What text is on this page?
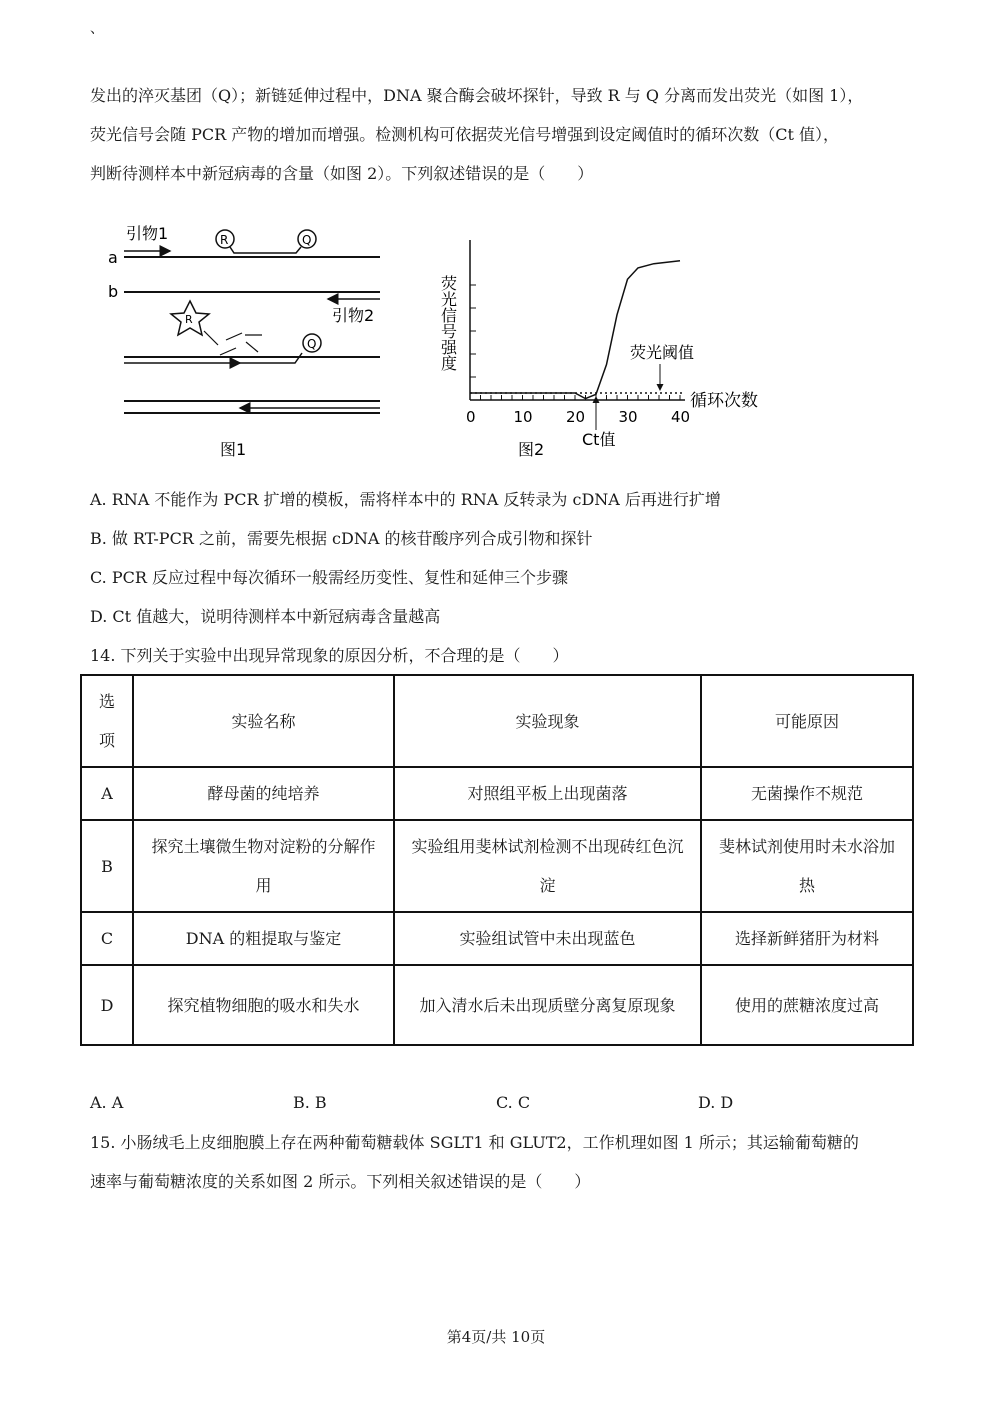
、
发出的淬灭基团（Q）；新链延伸过程中，DNA 聚合酶会破坏探针，导致 R 与 Q 分离而发出荧光（如图 1），
荧光信号会随 PCR 产物的增加而增强。检测机构可依据荧光信号增强到设定阈值时的循环次数（Ct 值），
判断待测样本中新冠病毒的含量（如图 2）。下列叙述错误的是（　　）
a
引物1	R	Q
b
引物2
R
Q
图1
0	10 20 30 40
荧光信号强度
循环次数
荧光阈值
Ct值
图2
A. RNA 不能作为 PCR 扩增的模板，需将样本中的 RNA 反转录为 cDNA 后再进行扩增
B. 做 RT-PCR 之前，需要先根据 cDNA 的核苷酸序列合成引物和探针
C. PCR 反应过程中每次循环一般需经历变性、复性和延伸三个步骤
D. Ct 值越大，说明待测样本中新冠病毒含量越高
14. 下列关于实验中出现异常现象的原因分析，不合理的是（　　）
选
项	实验名称	实验现象	可能原因
A	酵母菌的纯培养	对照组平板上出现菌落	无菌操作不规范
B	探究土壤微生物对淀粉的分解作用	实验组用斐林试剂检测不出现砖红色沉淀	斐林试剂使用时未水浴加热
C	DNA 的粗提取与鉴定	实验组试管中未出现蓝色	选择新鲜猪肝为材料
D	探究植物细胞的吸水和失水	加入清水后未出现质壁分离复原现象	使用的蔗糖浓度过高
A. A	B. B	C. C	D. D
15. 小肠绒毛上皮细胞膜上存在两种葡萄糖载体 SGLT1 和 GLUT2，工作机理如图 1 所示；其运输葡萄糖的
速率与葡萄糖浓度的关系如图 2 所示。下列相关叙述错误的是（　　）
第4页/共 10页
